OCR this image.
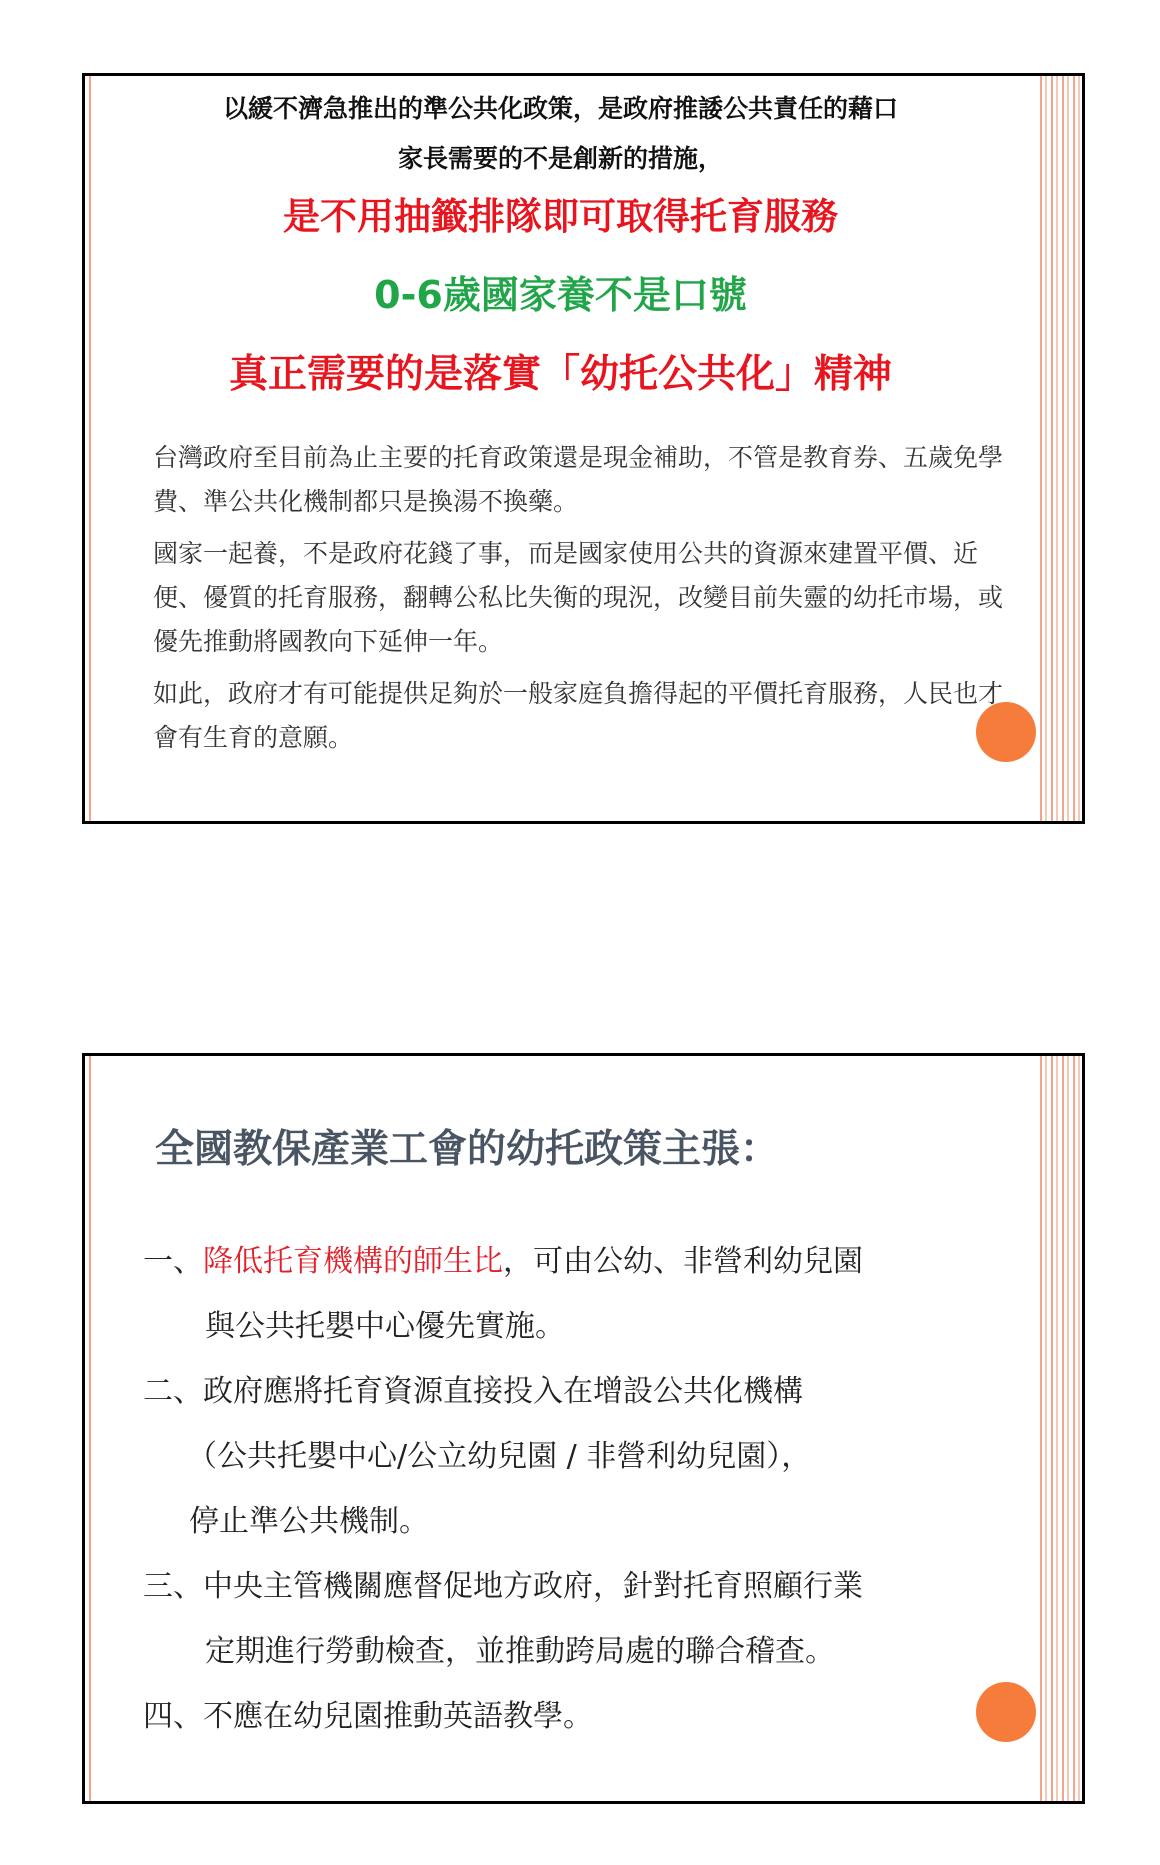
以緩不濟急推出的準公共化政策，是政府推諉公共責任的藉口
家長需要的不是創新的措施，
是不用抽籤排隊即可取得托育服務
0-6歲國家養不是口號
真正需要的是落實「幼托公共化」精神

台灣政府至目前為止主要的托育政策還是現金補助，不管是教育券、五歲免學費、準公共化機制都只是換湯不換藥。

國家一起養，不是政府花錢了事，而是國家使用公共的資源來建置平價、近便、優質的托育服務，翻轉公私比失衡的現況，改變目前失靈的幼托市場，或優先推動將國教向下延伸一年。

如此，政府才有可能提供足夠於一般家庭負擔得起的平價托育服務，人民也才會有生育的意願。

全國教保產業工會的幼托政策主張：
一、降低托育機構的師生比，可由公幼、非營利幼兒園
與公共托嬰中心優先實施。
二、政府應將托育資源直接投入在增設公共化機構
（公共托嬰中心/公立幼兒園 / 非營利幼兒園），
停止準公共機制。
三、中央主管機關應督促地方政府，針對托育照顧行業
定期進行勞動檢查，並推動跨局處的聯合稽查。
四、不應在幼兒園推動英語教學。
